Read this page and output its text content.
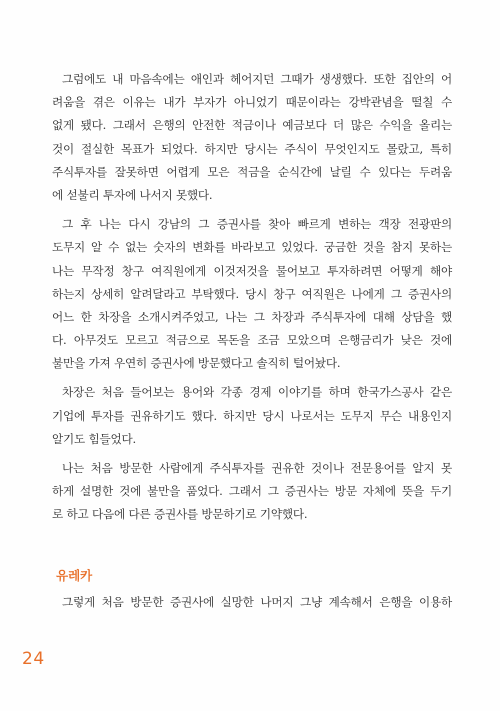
그럼에도 내 마음속에는 애인과 헤어지던 그때가 생생했다. 또한 집안의 어
려움을 겪은 이유는 내가 부자가 아니었기 때문이라는 강박관념을 떨칠 수
없게 됐다. 그래서 은행의 안전한 적금이나 예금보다 더 많은 수익을 올리는
것이 절실한 목표가 되었다. 하지만 당시는 주식이 무엇인지도 몰랐고, 특히
주식투자를 잘못하면 어렵게 모은 적금을 순식간에 날릴 수 있다는 두려움
에 섣불리 투자에 나서지 못했다.

그 후 나는 다시 강남의 그 증권사를 찾아 빠르게 변하는 객장 전광판의
도무지 알 수 없는 숫자의 변화를 바라보고 있었다. 궁금한 것을 참지 못하는
나는 무작정 창구 여직원에게 이것저것을 물어보고 투자하려면 어떻게 해야
하는지 상세히 알려달라고 부탁했다. 당시 창구 여직원은 나에게 그 증권사의
어느 한 차장을 소개시켜주었고, 나는 그 차장과 주식투자에 대해 상담을 했
다. 아무것도 모르고 적금으로 목돈을 조금 모았으며 은행금리가 낮은 것에
불만을 가져 우연히 증권사에 방문했다고 솔직히 털어놨다.

차장은 처음 들어보는 용어와 각종 경제 이야기를 하며 한국가스공사 같은
기업에 투자를 권유하기도 했다. 하지만 당시 나로서는 도무지 무슨 내용인지
알기도 힘들었다.

나는 처음 방문한 사람에게 주식투자를 권유한 것이나 전문용어를 알지 못
하게 설명한 것에 불만을 품었다. 그래서 그 증권사는 방문 자체에 뜻을 두기
로 하고 다음에 다른 증권사를 방문하기로 기약했다.

유레카
그렇게 처음 방문한 증권사에 실망한 나머지 그냥 계속해서 은행을 이용하
24
